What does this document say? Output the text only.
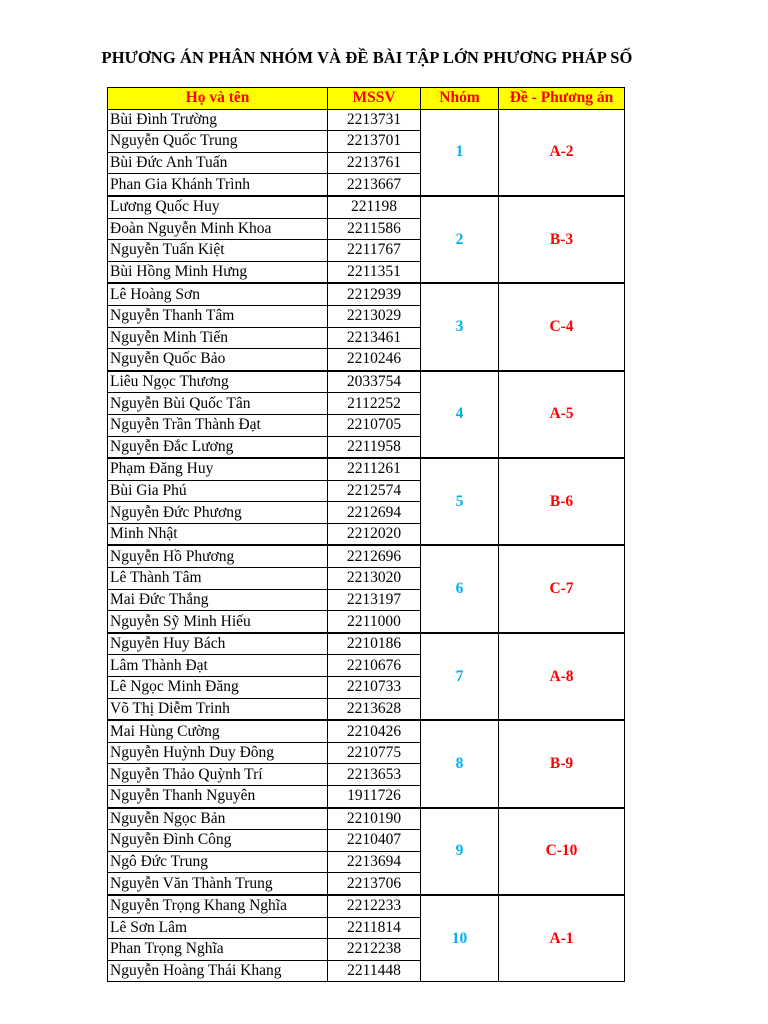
PHƯƠNG ÁN PHÂN NHÓM VÀ ĐỀ BÀI TẬP LỚN PHƯƠNG PHÁP SỐ
Họ và tên	MSSV	Nhóm	Đề - Phương án
Bùi Đình Trường	2213731	1	A-2
Nguyễn Quốc Trung	2213701		
Bùi Đức Anh Tuấn	2213761		
Phan Gia Khánh Trình	2213667		
Lương Quốc Huy	221198	2	B-3
Đoàn Nguyễn Minh Khoa	2211586		
Nguyễn Tuấn Kiệt	2211767		
Bùi Hồng Minh Hưng	2211351		
Lê Hoàng Sơn	2212939	3	C-4
Nguyễn Thanh Tâm	2213029		
Nguyễn Minh Tiến	2213461		
Nguyễn Quốc Bảo	2210246		
Liêu Ngọc Thương	2033754	4	A-5
Nguyễn Bùi Quốc Tân	2112252		
Nguyễn Trần Thành Đạt	2210705		
Nguyễn Đắc Lương	2211958		
Phạm Đăng Huy	2211261	5	B-6
Bùi Gia Phú	2212574		
Nguyễn Đức Phương	2212694		
Minh Nhật	2212020		
Nguyễn Hồ Phương	2212696	6	C-7
Lê Thành Tâm	2213020		
Mai Đức Thắng	2213197		
Nguyễn Sỹ Minh Hiếu	2211000		
Nguyễn Huy Bách	2210186	7	A-8
Lâm Thành Đạt	2210676		
Lê Ngọc Minh Đăng	2210733		
Võ Thị Diễm Trinh	2213628		
Mai Hùng Cường	2210426	8	B-9
Nguyễn Huỳnh Duy Đông	2210775		
Nguyễn Thảo Quỳnh Trí	2213653		
Nguyễn Thanh Nguyên	1911726		
Nguyễn Ngọc Bản	2210190	9	C-10
Nguyễn Đình Công	2210407		
Ngô Đức Trung	2213694		
Nguyễn Văn Thành Trung	2213706		
Nguyễn Trọng Khang Nghĩa	2212233	10	A-1
Lê Sơn Lâm	2211814		
Phan Trọng Nghĩa	2212238		
Nguyễn Hoàng Thái Khang	2211448		
